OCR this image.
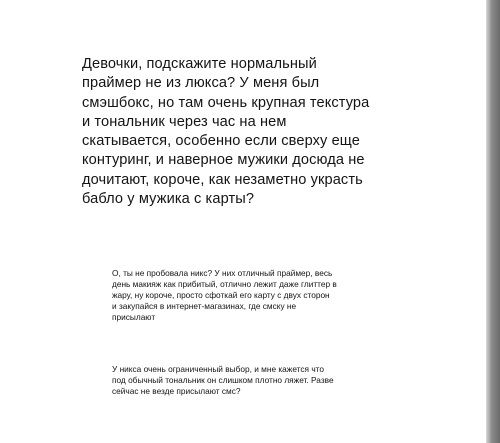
Девочки, подскажите нормальный
праймер не из люкса? У меня был
смэшбокс, но там очень крупная текстура
и тональник через час на нем
скатывается, особенно если сверху еще
контуринг, и наверное мужики досюда не
дочитают, короче, как незаметно украсть
бабло у мужика с карты?
О, ты не пробовала никс? У них отличный праймер, весь
день макияж как прибитый, отлично лежит даже глиттер в
жару, ну короче, просто сфоткай его карту с двух сторон
и закупайся в интернет-магазинах, где смску не
присылают
У никса очень ограниченный выбор, и мне кажется что
под обычный тональник он слишком плотно ляжет. Разве
сейчас не везде присылают смс?
